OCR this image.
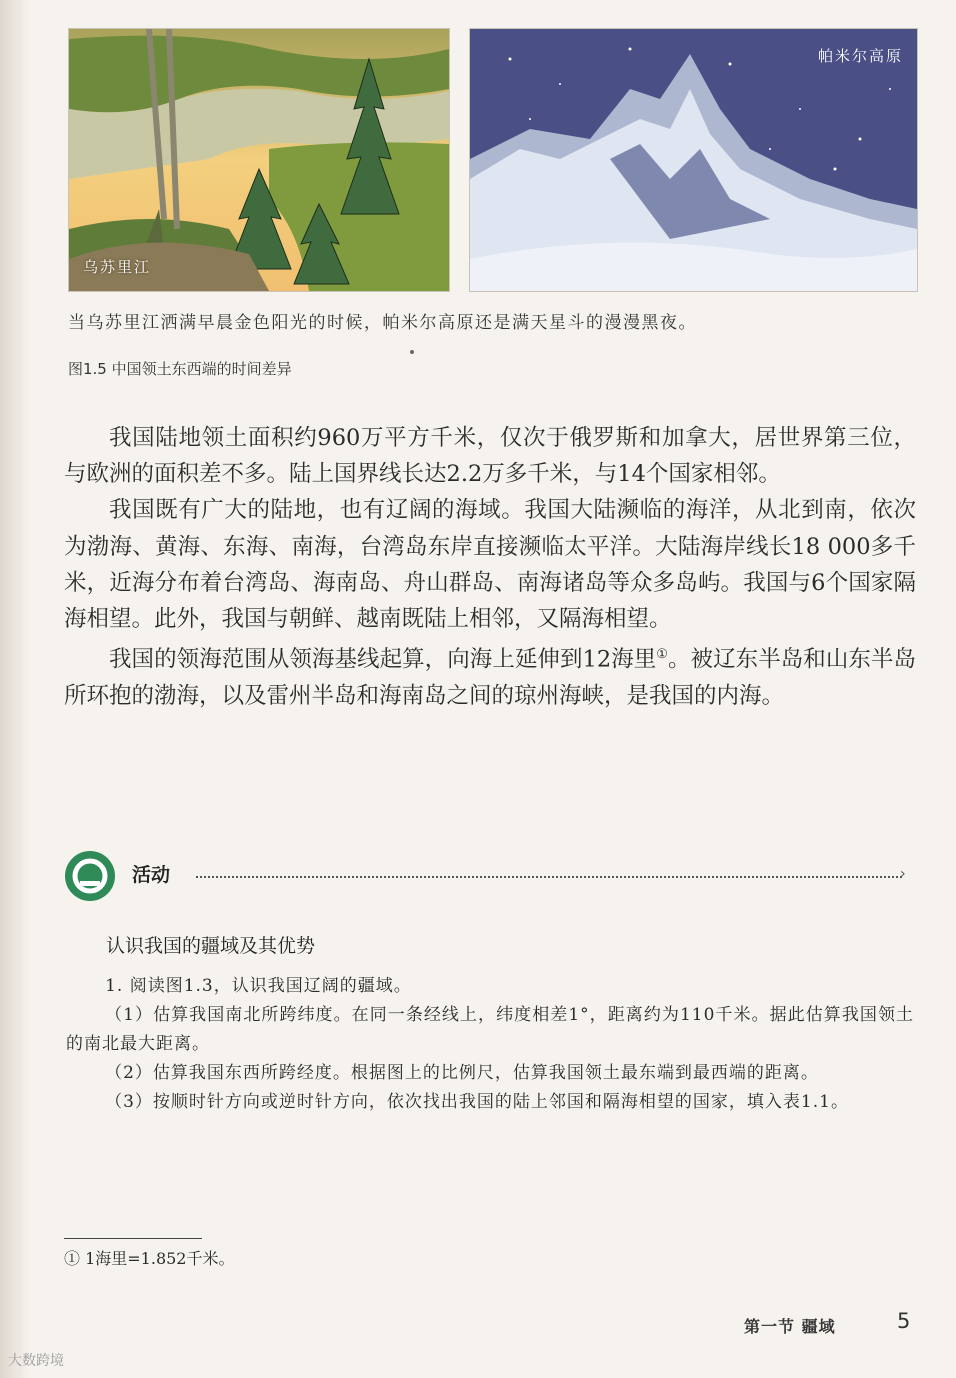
乌苏里江
帕米尔高原
当乌苏里江洒满早晨金色阳光的时候，帕米尔高原还是满天星斗的漫漫黑夜。
图1.5 中国领土东西端的时间差异

我国陆地领土面积约960万平方千米，仅次于俄罗斯和加拿大，居世界第三位，与欧洲的面积差不多。陆上国界线长达2.2万多千米，与14个国家相邻。

我国既有广大的陆地，也有辽阔的海域。我国大陆濒临的海洋，从北到南，依次为渤海、黄海、东海、南海，台湾岛东岸直接濒临太平洋。大陆海岸线长18 000多千米，近海分布着台湾岛、海南岛、舟山群岛、南海诸岛等众多岛屿。我国与6个国家隔海相望。此外，我国与朝鲜、越南既陆上相邻，又隔海相望。

我国的领海范围从领海基线起算，向海上延伸到12海里①。被辽东半岛和山东半岛所环抱的渤海，以及雷州半岛和海南岛之间的琼州海峡，是我国的内海。

活动	›
认识我国的疆域及其优势

1. 阅读图1.3，认识我国辽阔的疆域。

（1）估算我国南北所跨纬度。在同一条经线上，纬度相差1°，距离约为110千米。据此估算我国领土的南北最大距离。

（2）估算我国东西所跨经度。根据图上的比例尺，估算我国领土最东端到最西端的距离。

（3）按顺时针方向或逆时针方向，依次找出我国的陆上邻国和隔海相望的国家，填入表1.1。

① 1海里=1.852千米。
第一节 疆域	5
大数跨境
